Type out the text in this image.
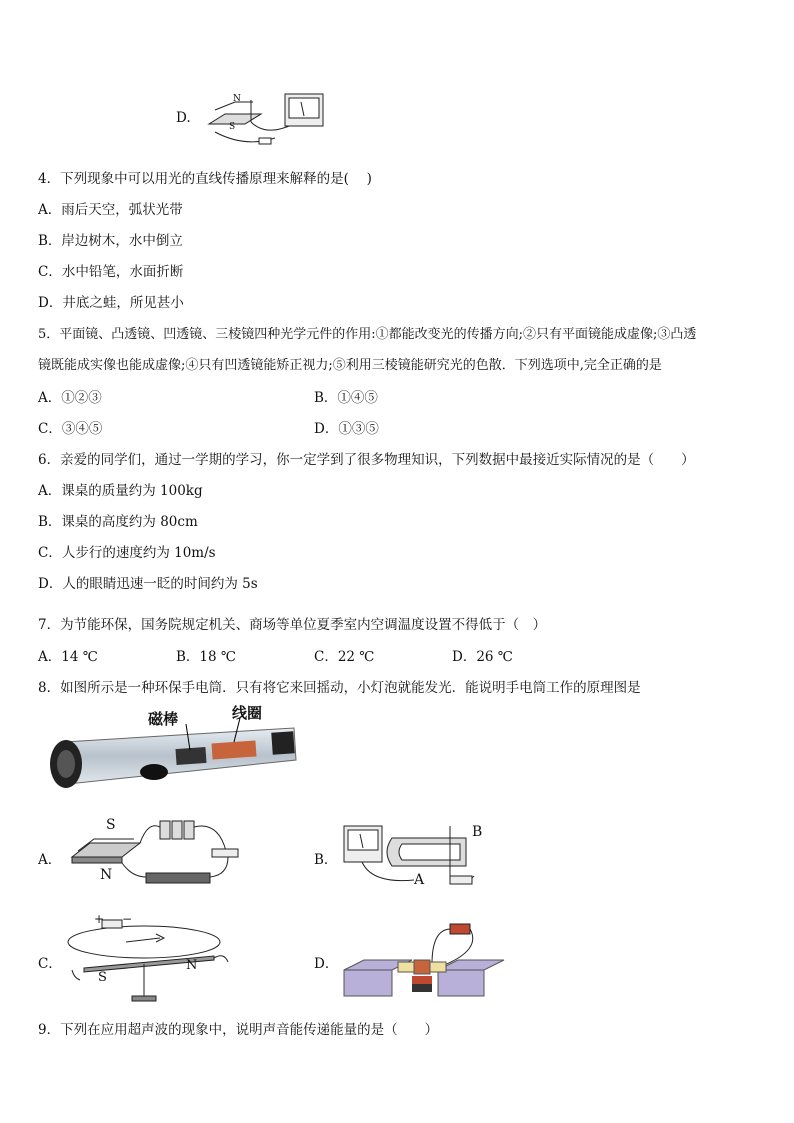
D.
N
S
4．下列现象中可以用光的直线传播原理来解释的是(　 )
A．雨后天空，弧状光带
B．岸边树木，水中倒立
C．水中铅笔，水面折断
D．井底之蛙，所见甚小
5．平面镜、凸透镜、凹透镜、三棱镜四种光学元件的作用:①都能改变光的传播方向;②只有平面镜能成虚像;③凸透
镜既能成实像也能成虚像;④只有凹透镜能矫正视力;⑤利用三棱镜能研究光的色散．下列选项中,完全正确的是
A．①②③	B．①④⑤
C．③④⑤	D．①③⑤
6．亲爱的同学们，通过一学期的学习，你一定学到了很多物理知识，下列数据中最接近实际情况的是（　　）
A．课桌的质量约为 100kg
B．课桌的高度约为 80cm
C．人步行的速度约为 10m/s
D．人的眼睛迅速一眨的时间约为 5s
7．为节能环保，国务院规定机关、商场等单位夏季室内空调温度设置不得低于（　）
A．14 ℃	B．18 ℃	C．22 ℃	D．26 ℃
8．如图所示是一种环保手电筒．只有将它来回摇动，小灯泡就能发光．能说明手电筒工作的原理图是
磁棒	线圈
A．
S
N
B．
B
A
C．
+ −
S
N	D．
9．下列在应用超声波的现象中，说明声音能传递能量的是（　　）
